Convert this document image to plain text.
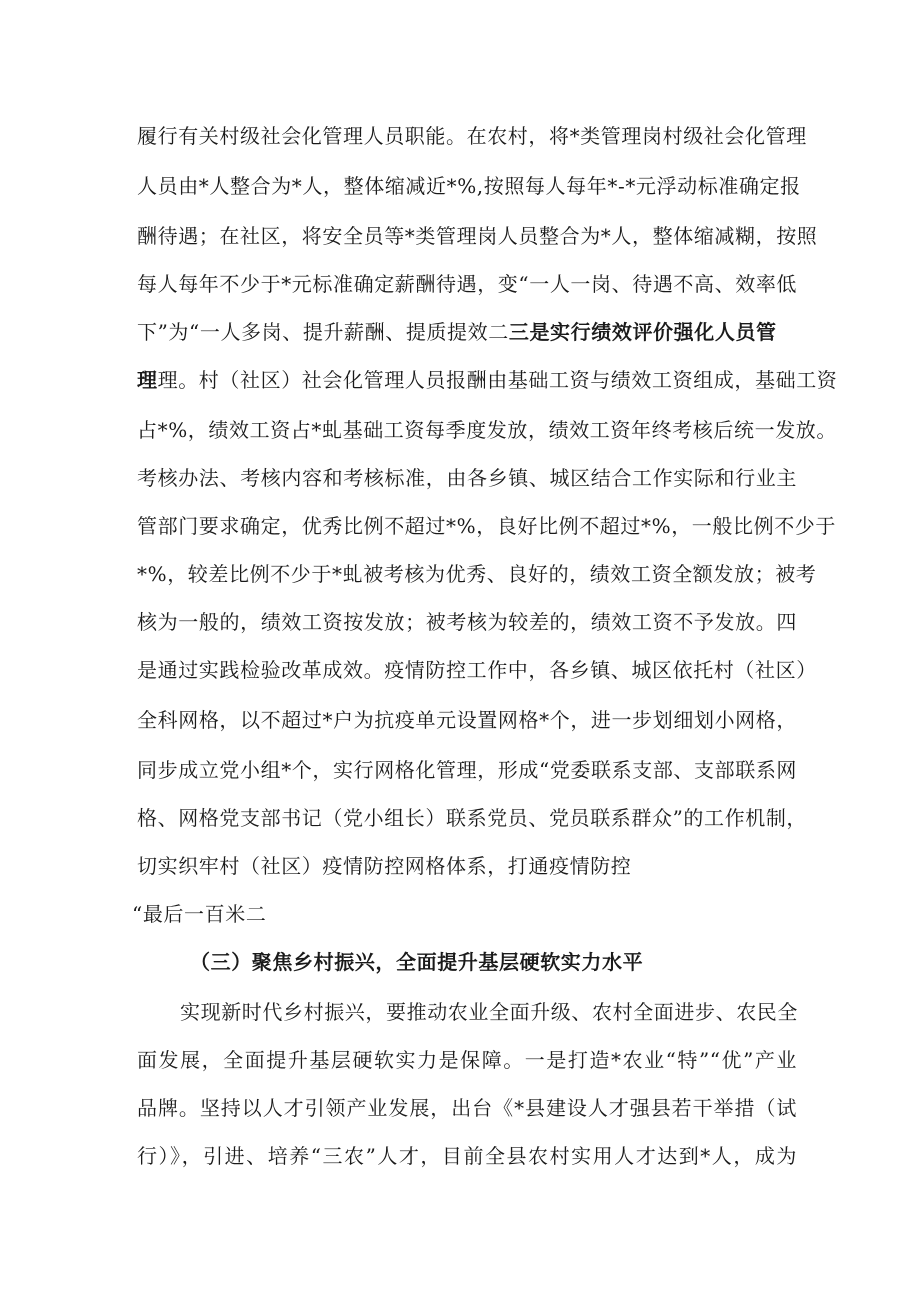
履行有关村级社会化管理人员职能。在农村，将*类管理岗村级社会化管理
人员由*人整合为*人，整体缩减近*%,按照每人每年*-*元浮动标准确定报
酬待遇；在社区，将安全员等*类管理岗人员整合为*人，整体缩减糊，按照
每人每年不少于*元标准确定薪酬待遇，变“一人一岗、待遇不高、效率低
下”为“一人多岗、提升薪酬、提质提效二三是实行绩效评价强化人员管
理理。村（社区）社会化管理人员报酬由基础工资与绩效工资组成，基础工资
占*%，绩效工资占*虬基础工资每季度发放，绩效工资年终考核后统一发放。
考核办法、考核内容和考核标准，由各乡镇、城区结合工作实际和行业主
管部门要求确定，优秀比例不超过*%，良好比例不超过*%，一般比例不少于
*%，较差比例不少于*虬被考核为优秀、良好的，绩效工资全额发放；被考
核为一般的，绩效工资按发放；被考核为较差的，绩效工资不予发放。四
是通过实践检验改革成效。疫情防控工作中，各乡镇、城区依托村（社区）
全科网格，以不超过*户为抗疫单元设置网格*个，进一步划细划小网格，
同步成立党小组*个，实行网格化管理，形成“党委联系支部、支部联系网
格、网格党支部书记（党小组长）联系党员、党员联系群众”的工作机制，
切实织牢村（社区）疫情防控网格体系，打通疫情防控
“最后一百米二
（三）聚焦乡村振兴，全面提升基层硬软实力水平
实现新时代乡村振兴，要推动农业全面升级、农村全面进步、农民全
面发展，全面提升基层硬软实力是保障。一是打造*农业“特”“优”产业
品牌。坚持以人才引领产业发展，出台《*县建设人才强县若干举措（试
行）》，引进、培养“三农”人才，目前全县农村实用人才达到*人，成为
